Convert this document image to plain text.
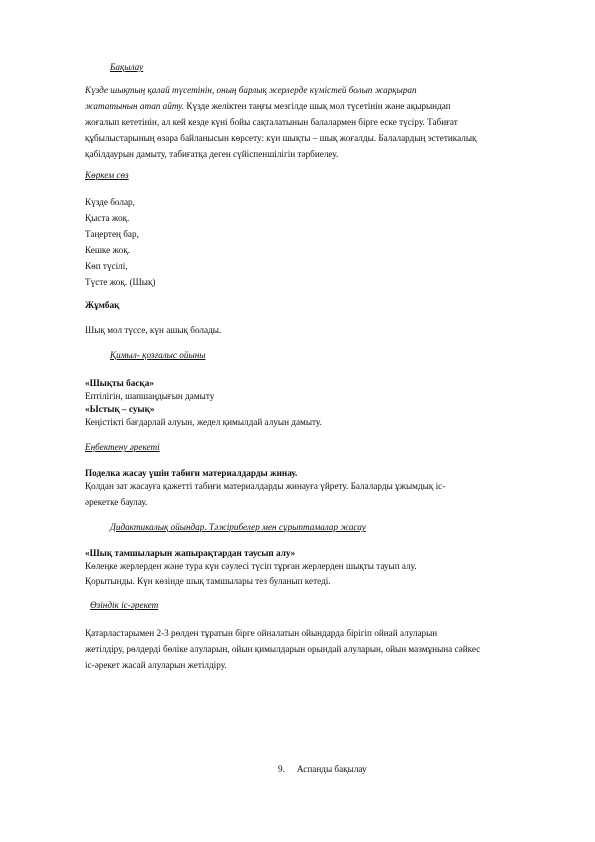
Бақылау
Күзде шықтың қалай түсетінін, оның барлық жерлерде күмістей болып жарқырап
жататынын атап айту. Күзде желіктен таңғы мезгілде шық мол түсетінін және ақырындап
жоғалып кететінін, ал кей кезде күні бойы сақталатынын балалармен бірге еске түсіру. Табиғат
құбылыстарының өзара байланысын көрсету: күн шықты – шық жоғалды. Балалардың эстетикалық
қабілдаурын дамыту, табиғатқа деген сүйіспеншілігін тәрбиелеу.
Көркем сөз
Күзде болар,
Қыста жоқ.
Таңертең бар,
Кешке жоқ.
Көп түсілі,
Түсте жоқ. (Шық)
Жұмбақ
Шық мол түссе, күн ашық болады.
Қимыл- қозғалыс ойыны
«Шықты басқа»
Ептілігін, шапшаңдығын дамыту
«Ыстық – суық»
Кеңістікті бағдарлай алуын, жедел қимылдай алуын дамыту.
Еңбектену әрекеті
Поделка жасау үшін табиғи материалдарды жинау.
Қолдан зат жасауға қажетті табиғи материалдарды жинауға үйрету. Балаларды ұжымдық іс-
әрекетке баулау.
Дидактикалық ойындар. Тәжірибелер мен сұрыптамалар жасау
«Шық тамшыларын жапырақтардан таусып алу»
Көлеңке жерлерден және тура күн сәулесі түсіп тұрған жерлерден шықты тауып алу.
Қорытынды. Күн көзінде шық тамшылары тез буланып кетеді.
Өзіндік іс-әрекет
Қатарластарымен 2-3 рөлден тұратын бірге ойналатын ойындарда бірігіп ойнай алуларын
жетілдіру, рөлдерді бөліке алуларын, ойын қимылдарын орындай алуларын, ойын мазмұнына сәйкес
іс-әрекет жасай алуларын жетілдіру.
9. Аспанды бақылау
